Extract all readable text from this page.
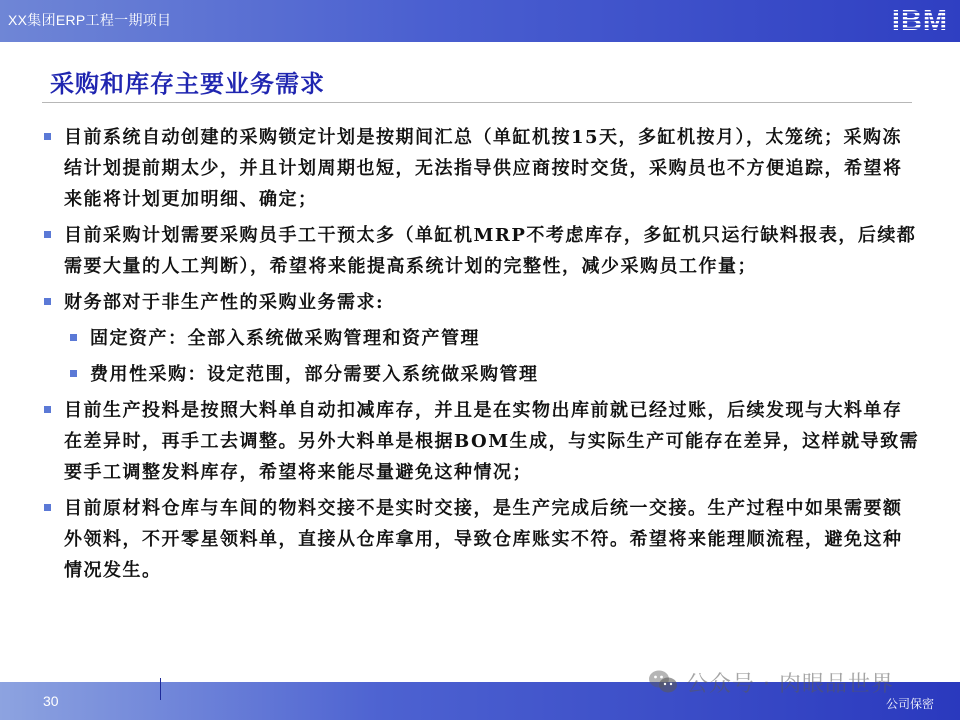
XX集团ERP工程一期项目
采购和库存主要业务需求
目前系统自动创建的采购锁定计划是按期间汇总（单缸机按15天，多缸机按月），太笼统；采购冻结计划提前期太少，并且计划周期也短，无法指导供应商按时交货，采购员也不方便追踪，希望将来能将计划更加明细、确定；
目前采购计划需要采购员手工干预太多（单缸机MRP不考虑库存，多缸机只运行缺料报表，后续都需要大量的人工判断），希望将来能提高系统计划的完整性，减少采购员工作量；
财务部对于非生产性的采购业务需求:
固定资产：全部入系统做采购管理和资产管理
费用性采购：设定范围，部分需要入系统做采购管理
目前生产投料是按照大料单自动扣减库存，并且是在实物出库前就已经过账，后续发现与大料单存在差异时，再手工去调整。另外大料单是根据BOM生成，与实际生产可能存在差异，这样就导致需要手工调整发料库存，希望将来能尽量避免这种情况；
目前原材料仓库与车间的物料交接不是实时交接，是生产完成后统一交接。生产过程中如果需要额外领料，不开零星领料单，直接从仓库拿用，导致仓库账实不符。希望将来能理顺流程，避免这种情况发生。
30	公司保密
公众号 · 肉眼品世界
